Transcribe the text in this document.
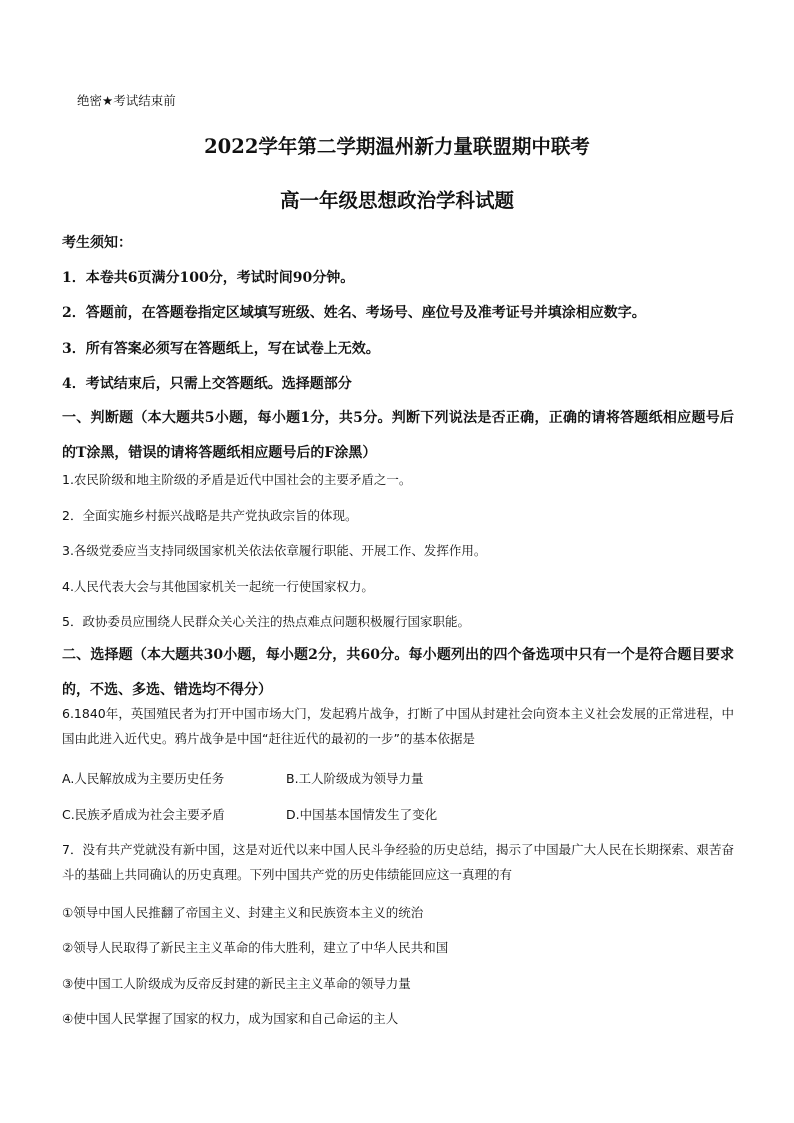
绝密★考试结束前
2022学年第二学期温州新力量联盟期中联考
高一年级思想政治学科试题
考生须知：
1．本卷共6页满分100分，考试时间90分钟。
2．答题前，在答题卷指定区域填写班级、姓名、考场号、座位号及准考证号并填涂相应数字。
3．所有答案必须写在答题纸上，写在试卷上无效。
4．考试结束后，只需上交答题纸。选择题部分
一、判断题（本大题共5小题，每小题1分，共5分。判断下列说法是否正确，正确的请将答题纸相应题号后的T涂黑，错误的请将答题纸相应题号后的F涂黑）
1.农民阶级和地主阶级的矛盾是近代中国社会的主要矛盾之一。
2．全面实施乡村振兴战略是共产党执政宗旨的体现。
3.各级党委应当支持同级国家机关依法依章履行职能、开展工作、发挥作用。
4.人民代表大会与其他国家机关一起统一行使国家权力。
5．政协委员应围绕人民群众关心关注的热点难点问题积极履行国家职能。
二、选择题（本大题共30小题，每小题2分，共60分。每小题列出的四个备选项中只有一个是符合题目要求的，不选、多选、错选均不得分）
6.1840年，英国殖民者为打开中国市场大门，发起鸦片战争，打断了中国从封建社会向资本主义社会发展的正常进程，中国由此进入近代史。鸦片战争是中国“赶往近代的最初的一步”的基本依据是
A.人民解放成为主要历史任务	B.工人阶级成为领导力量
C.民族矛盾成为社会主要矛盾	D.中国基本国情发生了变化
7．没有共产党就没有新中国，这是对近代以来中国人民斗争经验的历史总结，揭示了中国最广大人民在长期探索、艰苦奋斗的基础上共同确认的历史真理。下列中国共产党的历史伟绩能回应这一真理的有
①领导中国人民推翻了帝国主义、封建主义和民族资本主义的统治
②领导人民取得了新民主主义革命的伟大胜利，建立了中华人民共和国
③使中国工人阶级成为反帝反封建的新民主主义革命的领导力量
④使中国人民掌握了国家的权力，成为国家和自己命运的主人
